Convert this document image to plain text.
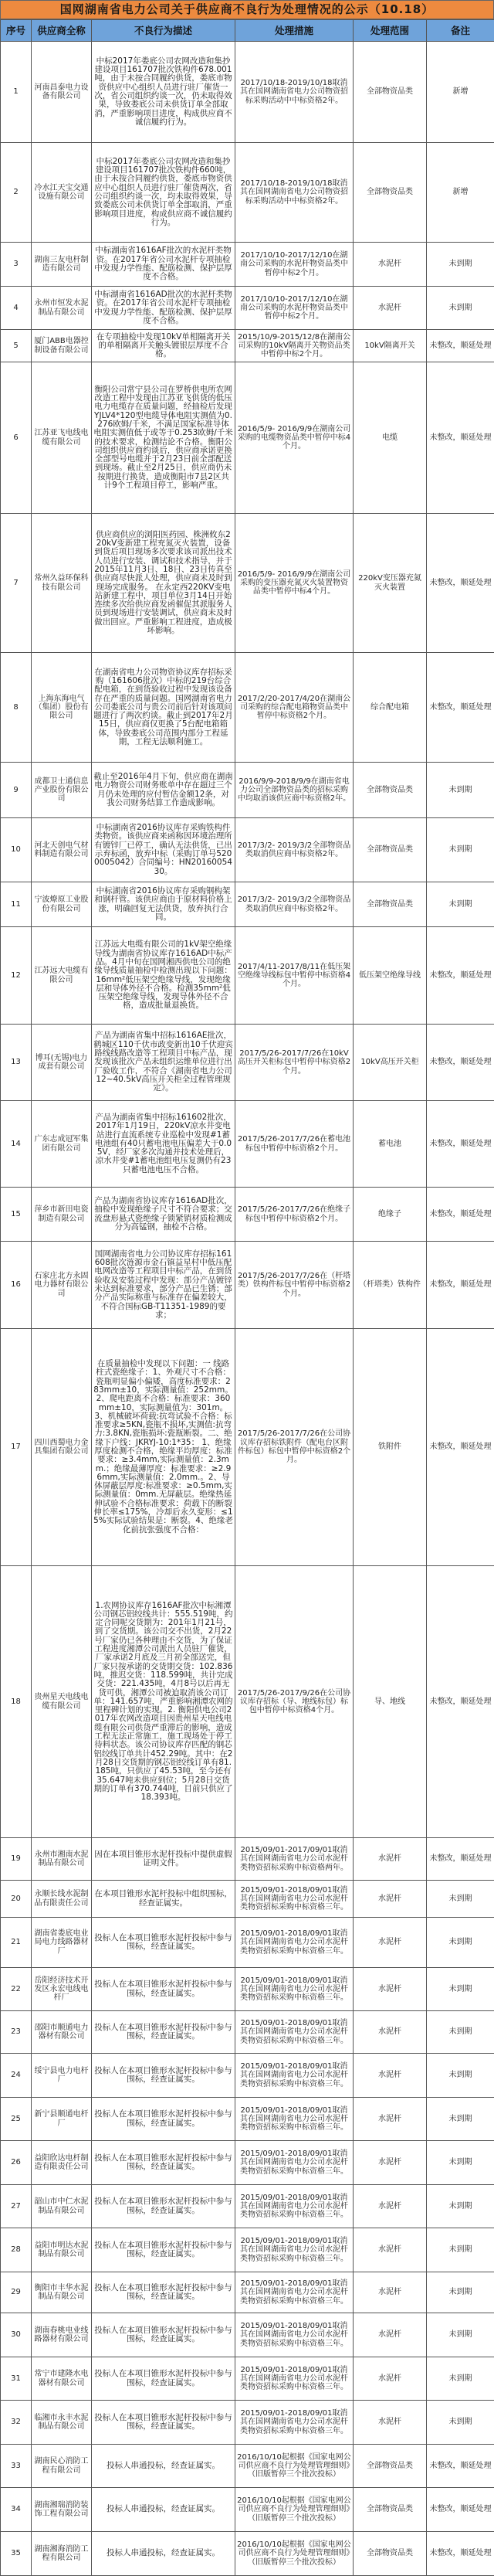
国网湖南省电力公司关于供应商不良行为处理情况的公示（10.18）
序号	供应商全称	不良行为描述	处理措施	处理范围	备注
1	河南昌泰电力设备有限公司	中标2017年娄底公司农网改造和集抄建设项目161707批次铁构件678.001吨，由于未按合同履约供货，娄底市物资供应中心组织人员进行驻厂催货一次，省公司组织约谈一次，仍未取得效果，导致娄底公司未供货订单全部取消，严重影响项目进度，构成供应商不诚信履约行为。	2017/10/18-2019/10/18取消其在国网湖南省电力公司物资招标采购活动中中标资格2年。	全部物资品类	新增
2	冷水江天宝交通设施有限公司	中标2017年娄底公司农网改造和集抄建设项目161707批次铁构件660吨，由于未按合同履约供货，娄底市物资供应中心组织人员进行驻厂催货两次，省公司组织约谈一次，均未取得效果，导致娄底公司未供货订单全部取消，严重影响项目进度，构成供应商不诚信履约行为。	2017/10/18-2019/10/18取消其在国网湖南省电力公司物资招标采购活动中中标资格2年。	全部物资品类	新增
3	湖南三友电杆制造有限公司	中标湖南省1616AF批次的水泥杆类物资。在2017年省公司水泥杆专项抽检中发现力学性能、配筋检测、保护层厚度不合格。	2017/10/10-2017/12/10在湖南公司采购的水泥杆物资品类中暂停中标2个月。	水泥杆	未到期
4	永州市恒发水泥制品有限公司	中标湖南省1616AD批次的水泥杆类物资。在2017年省公司水泥杆专项抽检中发现力学性能、配筋检测、保护层厚度不合格。	2017/10/10-2017/12/10在湖南公司采购的水泥杆物资品类中暂停中标2个月。	水泥杆	未到期
5	厦门ABB电器控制设备有限公司	在专项抽检中发现10kV单相隔离开关的单相隔离开关触头镀银层厚度不合格。	2015/10/9-2015/12/8在湖南公司采购的10kV隔离开关物资品类中暂停中标2个月。	10kV隔离开关	未整改，顺延处理
6	江苏亚飞电线电缆有限公司	衡阳公司常宁县公司在罗桥供电所农网改造工程中发现由江苏亚飞供货的低压电力电缆存在质量问题，经抽检后发现YJLV4*120型电缆导体电阻实测值为0.276欧姆/千米，不满足国家标准导体电阻实测值低于或等于0.253欧姆/千米的技术要求，检测结论不合格。衡阳公司组织供应商约谈后，供应商承诺更换全部型号电缆并于2月23日前全部配送到现场。截止至2月25日，供应商仍未按期进行换货，造成衡阳市7县2区共计9个工程项目停工，影响严重。	2016/5/9- 2016/9/9在湖南公司采购的电缆物资品类中暂停中标4个月。	电缆	未整改，顺延处理
7	常州久益环保科技有限公司	供应商供应的浏阳医药园、株洲攸东220kV变新建工程充氮灭火装置，设备到货后项目现场多次要求该司派出技术人员进行安装、调试和技术指导，并于2015年11月3日、18日、23日传真至供应商尽快派人处理，供应商未及时到现场完成服务。 在永定西220KV变电站新建工程中，项目单位3月14日开始连续多次给供应商发函催促其派服务人员到现场进行安装调试，供应商未及时做出回应。严重影响工程进度，造成极坏影响。	2016/5/9- 2016/9/9在湖南公司采购的变压器充氮灭火装置物资品类中暂停中标4个月。	220kV变压器充氮灭火装置	未整改，顺延处理
8	上海东海电气（集团）股份有限公司	在湖南省电力公司物资协议库存招标采购（161606批次）中标的219台综合配电箱，在到货验收过程中发现该设备存在严重的质量问题。国网湖南省电力公司娄底公司与贵公司前后针对该项问题进行了两次约谈。截止到2017年2月15日，供应商仅更换了5台配电箱箱体，导致娄底公司范围内部分工程延期，工程无法顺利施工。	2017/2/20-2017/4/20在湖南公司采购的综合配电箱物资品类中暂停中标资格2个月。	综合配电箱	未整改，顺延处理
9	成都卫士通信息产业股份有限公司	截止至2016年4月下旬，供应商在湖南电力物资公司财务账单中存在超过三个月仍未处理的应付暂估金额12条，对我公司财务结算工作造成影响。	2016/9/9-2018/9/9在湖南省电力公司全部物资品类的招标采购中均取消该供应商中标资格2年。	全部物资品类	未到期
10	河北天创电气材料制造有限公司	中标湖南省2016协议库存采购铁构件类物资。该供应商来函称因环境治理所有镀锌厂已停工，确认无法供货，已出示弃标函，放弃中标（采购订单号5200005042）合同编号：HN2016005430。	2017/3/2- 2019/3/2全部物资品类取消供应商中标资格2年。	全部物资品类	未到期
11	宁波燎原工业股份有限公司	中标湖南省2016协议库存采购钢构架和钢杆管。该供应商由于原材料价格上涨，明确回复无法供货，放弃执行合同。	2017/3/2- 2019/3/2全部物资品类取消供应商中标资格2年。	全部物资品类	未到期
12	江苏远大电缆有限公司	江苏远大电缆有限公司的1kV架空绝缘导线为湖南省协议库存1616AD中标产品。4月中旬在国网湘西供电公司的绝缘导线质量抽检中检测出现以下问题：16mm²低压架空绝缘导线，发现绝缘层和导体外径不合格。检测35mm²低压架空绝缘导线，发现导体外径不合格，造成批量退换货。	2017/4/11-2017/8/11在低压架空绝缘导线标包中暂停中标资格4个月。	低压架空绝缘导线	未整改，顺延处理
13	博耳(无锡)电力成套有限公司	产品为湖南省集中招标1616AE批次，鹤城区110千伏市政变新出10千伏迎宾路线线路改造等工程项目中标产品，现发现该批次产品未组织运维单位进行出厂验收工作，不符合《湖南省电力公司12~40.5kV高压开关柜全过程管理规定》。	2017/5/26-2017/7/26在10kV高压开关柜标包中暂停中标资格2个月。	10kV高压开关柜	未整改，顺延处理
14	广东志成冠军集团有限公司	产品为湖南省集中招标161602批次，2017年1月19日，220kV凉水井变电站进行直流系统专业巡检中发现#1蓄电池组有40只蓄电池电压偏差大于0.05V，经厂家多次沟通并技术处理后，凉水井变#1蓄电池组电压复测仍有23只蓄电池电压不合格。	2017/5/26-2017/7/26在蓄电池标包中暂停中标资格2个月。	蓄电池	未整改，顺延处理
15	萍乡市新田电瓷制造有限公司	产品为湖南省协议库存1616AD批次，抽检中发现绝缘子尺寸不符合要求；交流盘形悬式瓷绝缘子锁紧销材质检测成分为高锰钢，抽检不合格。	2017/5/26-2017/7/26在绝缘子标包中暂停中标资格2个月。	绝缘子	未整改，顺延处理
16	石家庄北方永固电力器材有限公司	国网湖南省电力公司协议库存招标161608批次涟源市金石镇益星村中低压配电网改造等工程项目中标产品，在到货验收及安装过程中发现：部分产品镀锌未达到标准要求，部分产品已生锈；部分产品实际称重与标准存在偏差较大，不符合国标GB-T11351-1989的要求；	2017/5/26-2017/7/26在（杆塔类）铁构件标包中暂停中标资格2个月。	（杆塔类）铁构件	未整改，顺延处理
17	四川西蜀电力金具集团有限公司	在质量抽检中发现以下问题：一 线路柱式瓷绝缘子：1、外观尺寸不合格：瓷瓶明显偏小偏矮，高度标准要求：283mm±10，实际测量值：252mm。2、爬电距离不合格：标准要求：360mm±10，实际测量值为：301m。3、机械破坏荷载:抗弯试验不合格：标准要求≥5KN,瓷瓶不损坏,实测值:抗弯力:3.8KN,瓷瓶损坏:瓷瓶断裂。二、绝缘下户线：JKRYJ-10:1*35： 1、绝缘厚度检测不合格，绝缘平均厚度：标准要求：≥3.4mm,实际测量值：2.3mm.；绝缘最薄厚度：标准要求：≥2.96mm,实际测量值：2.0mm.。2、导体屏蔽层厚度:标准要求：≥0.5mm,实际测量值：0mm.无屏蔽层。绝缘热延伸试验不合格标准要求：荷载下的断裂伸长率≤175%，冷却后永久变形：≤15%实际试验结果是：断裂。4、绝缘老化前抗张强度不合格：	2017/5/26-2017/7/26在公司协议库存招标铁附件（配电台区附件标包）标包中暂停中标资格2个月。	铁附件	未整改，顺延处理
18	贵州星天电线电缆有限公司	1.农网协议库存1616AF批次中标湘潭公司钢芯铝绞线共计：555.519吨，约定合同呢交货期为：201年1月21号，到了交货期。该公司交不出货，2月22号厂家仍已各种理由不交货，为了保证工程进度湘潭公司派出人员驻厂催货，厂家承诺2月底及三月初全部送完，但厂家只按承诺的交货期交货：102.836吨，推迟交货：118.599吨，共计完成交货：221.435吨，4月8号以后再无货可供，湘潭公司被迫取消该公司订单：141.657吨，严重影响湘潭农网的里程碑计划的实现。2. 衡阳供电公司2017年农网改造项目因贵州星天电线电缆有限公司供货严重滞后的影响，造成工程无法正常施工，施工现场处于停工待料状态。该公司协议库存匹配的钢芯铝绞线订单共计452.29吨。其中：在2月28日交货期的钢芯铝绞线订单有81.185吨，只供应了45.53吨，至今还有35.647吨未供应到位；5月28日交货期的订单有370.744吨，目前只供应了18.393吨。	2017/5/26-2017/9/26在公司协议库存招标（导、地线标包）标包中暂停中标资格4个月。	导、地线	未整改，顺延处理
19	永州市湘南水泥制品有限公司	因在本项目锥形水泥杆投标中提供虚假证明文件。	2015/09/01-2017/09/01取消其在国网湖南省电力公司水泥杆类物资招标采购中标资格两年。	水泥杆	未整改，顺延处理
20	永顺长线水泥制品有限责任公司	在本项目锥形水泥杆投标中组织围标，经查证属实。	2015/09/01-2018/09/01取消其在国网湖南省电力公司水泥杆类物资招标采购中标资格三年。	水泥杆	未到期
21	湖南省娄底电业局电力线路器材厂	投标人在本项目锥形水泥杆投标中参与围标，经查证属实。	2015/09/01-2018/09/01取消其在国网湖南省电力公司水泥杆类物资招标采购中标资格三年。	水泥杆	未到期
22	岳阳经济技术开发区永宏电线电杆厂	投标人在本项目锥形水泥杆投标中参与围标，经查证属实。	2015/09/01-2018/09/01取消其在国网湖南省电力公司水泥杆类物资招标采购中标资格三年。	水泥杆	未到期
23	邵阳市顺通电力器材有限公司	投标人在本项目锥形水泥杆投标中参与围标，经查证属实。	2015/09/01-2018/09/01取消其在国网湖南省电力公司水泥杆类物资招标采购中标资格三年。	水泥杆	未到期
24	绥宁县电力电杆厂	投标人在本项目锥形水泥杆投标中参与围标，经查证属实。	2015/09/01-2018/09/01取消其在国网湖南省电力公司水泥杆类物资招标采购中标资格三年。	水泥杆	未到期
25	新宁县顺通电杆厂	投标人在本项目锥形水泥杆投标中参与围标，经查证属实。	2015/09/01-2018/09/01取消其在国网湖南省电力公司水泥杆类物资招标采购中标资格三年。	水泥杆	未到期
26	益阳欣达电杆制造有限责任公司	投标人在本项目锥形水泥杆投标中参与围标，经查证属实。	2015/09/01-2018/09/01取消其在国网湖南省电力公司水泥杆类物资招标采购中标资格三年。	水泥杆	未到期
27	韶山市中仁水泥制品有限公司	投标人在本项目锥形水泥杆投标中参与围标，经查证属实。	2015/09/01-2018/09/01取消其在国网湖南省电力公司水泥杆类物资招标采购中标资格三年。	水泥杆	未到期
28	益阳市明达水泥制品有限公司	投标人在本项目锥形水泥杆投标中参与围标，经查证属实。	2015/09/01-2018/09/01取消其在国网湖南省电力公司水泥杆类物资招标采购中标资格三年。	水泥杆	未到期
29	衡阳市丰华水泥制品有限公司	投标人在本项目锥形水泥杆投标中参与围标，经查证属实。	2015/09/01-2018/09/01取消其在国网湖南省电力公司水泥杆类物资招标采购中标资格三年。	水泥杆	未到期
30	湖南春桃电业线路器材有限公司	投标人在本项目锥形水泥杆投标中参与围标，经查证属实。	2015/09/01-2018/09/01取消其在国网湖南省电力公司水泥杆类物资招标采购中标资格三年。	水泥杆	未到期
31	常宁市建隆水电器材有限公司	投标人在本项目锥形水泥杆投标中参与围标，经查证属实。	2015/09/01-2018/09/01取消其在国网湖南省电力公司水泥杆类物资招标采购中标资格三年。	水泥杆	未到期
32	临湘市永丰水泥制品有限公司	投标人在本项目锥形水泥杆投标中参与围标，经查证属实。	2015/09/01-2018/09/01取消其在国网湖南省电力公司水泥杆类物资招标采购中标资格三年。	水泥杆	未到期
33	湖南民心消防工程有限公司	投标人串通投标，经查证属实。	2016/10/10起根据《国家电网公司供应商不良行为处理管理细则》（旧版暂停三个批次投标）	全部物资品类	未整改，顺延处理
34	湖南湘瑞消防装饰工程有限公司	投标人串通投标，经查证属实。	2016/10/10起根据《国家电网公司供应商不良行为处理管理细则》（旧版暂停三个批次投标）	全部物资品类	未整改，顺延处理
35	湖南湘海消防工程有限公司	投标人串通投标，经查证属实。	2016/10/10起根据《国家电网公司供应商不良行为处理管理细则》（旧版暂停三个批次投标）	全部物资品类	未整改，顺延处理
